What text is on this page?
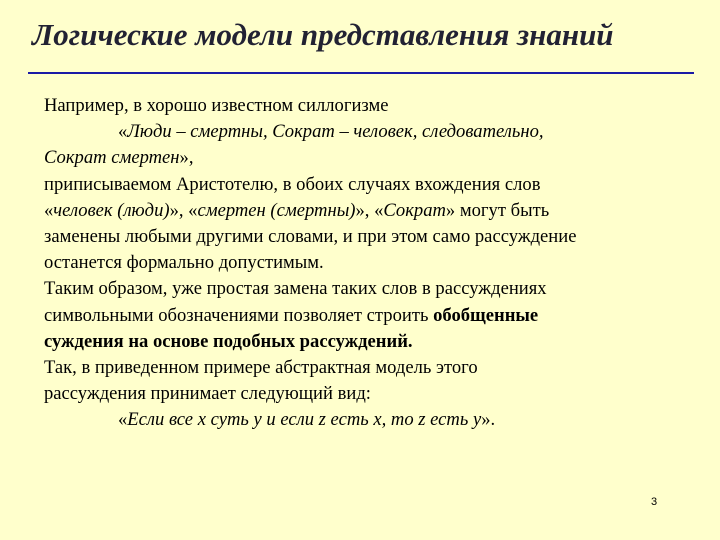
Логические модели представления знаний
Например, в хорошо известном силлогизме
«Люди – смертны, Сократ – человек, следовательно,
Сократ смертен»,
приписываемом Аристотелю, в обоих случаях вхождения слов
«человек (люди)», «смертен (смертны)», «Сократ» могут быть
заменены любыми другими словами, и при этом само рассуждение
останется формально допустимым.
Таким образом, уже простая замена таких слов в рассуждениях
символьными обозначениями позволяет строить обобщенные
суждения на основе подобных рассуждений.
Так, в приведенном примере абстрактная модель этого
рассуждения принимает следующий вид:
«Если все x суть y и если z есть x, то z есть y».
3
